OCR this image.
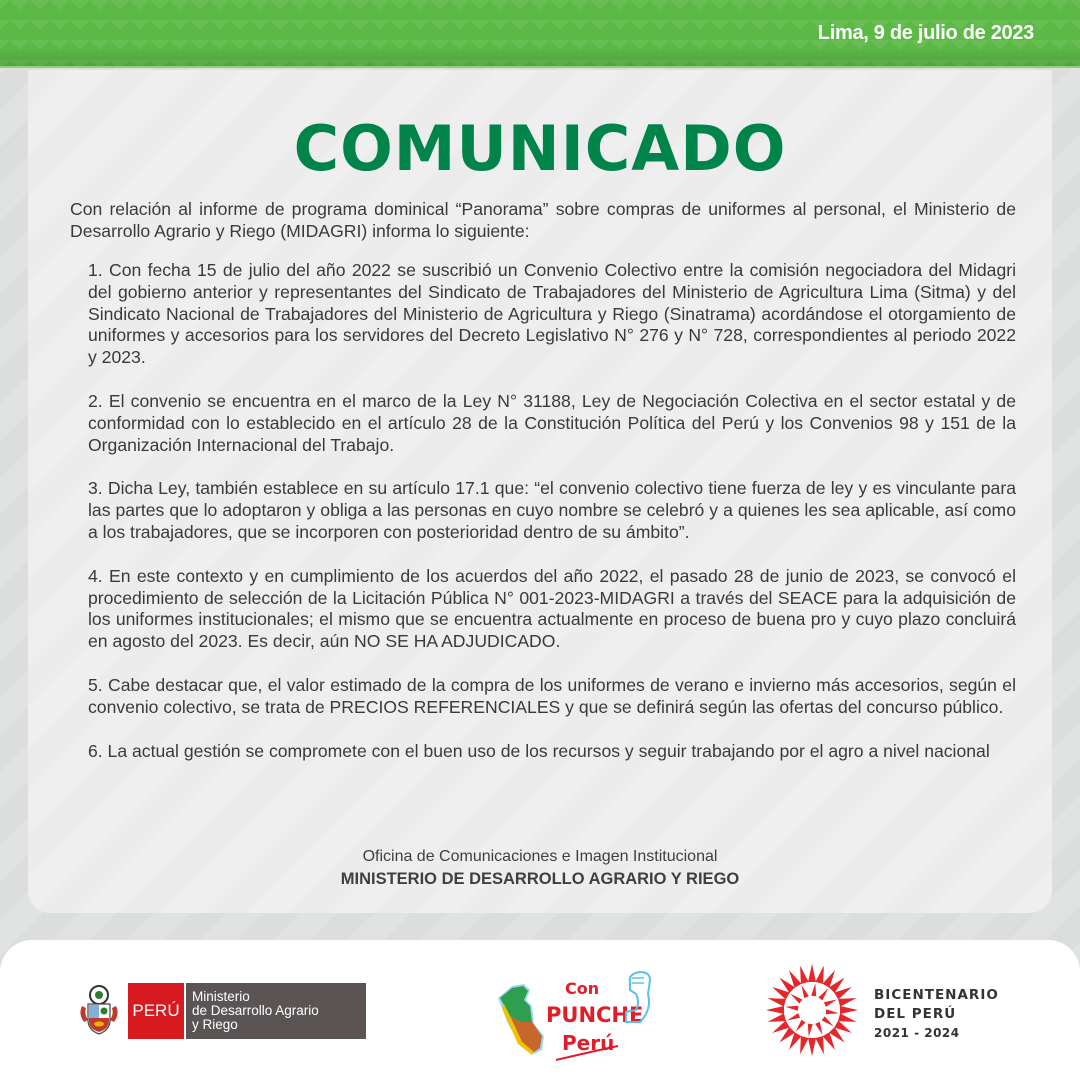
Lima, 9 de julio de 2023
COMUNICADO

Con relación al informe de programa dominical “Panorama” sobre compras de uniformes al personal, el Ministerio de Desarrollo Agrario y Riego (MIDAGRI) informa lo siguiente:

1. Con fecha 15 de julio del año 2022 se suscribió un Convenio Colectivo entre la comisión negociadora del Midagri del gobierno anterior y representantes del Sindicato de Trabajadores del Ministerio de Agricultura Lima (Sitma) y del Sindicato Nacional de Trabajadores del Ministerio de Agricultura y Riego (Sinatrama) acordándose el otorgamiento de uniformes y accesorios para los servidores del Decreto Legislativo N° 276 y N° 728, correspondientes al periodo 2022 y 2023.

2. El convenio se encuentra en el marco de la Ley N° 31188, Ley de Negociación Colectiva en el sector estatal y de conformidad con lo establecido en el artículo 28 de la Constitución Política del Perú y los Convenios 98 y 151 de la Organización Internacional del Trabajo.

3. Dicha Ley, también establece en su artículo 17.1 que: “el convenio colectivo tiene fuerza de ley y es vinculante para las partes que lo adoptaron y obliga a las personas en cuyo nombre se celebró y a quienes les sea aplicable, así como a los trabajadores, que se incorporen con posterioridad dentro de su ámbito”.

4. En este contexto y en cumplimiento de los acuerdos del año 2022, el pasado 28 de junio de 2023, se convocó el procedimiento de selección de la Licitación Pública N° 001-2023-MIDAGRI a través del SEACE para la adquisición de los uniformes institucionales; el mismo que se encuentra actualmente en proceso de buena pro y cuyo plazo concluirá en agosto del 2023. Es decir, aún NO SE HA ADJUDICADO.

5. Cabe destacar que, el valor estimado de la compra de los uniformes de verano e invierno más accesorios, según el convenio colectivo, se trata de PRECIOS REFERENCIALES y que se definirá según las ofertas del concurso público.

6. La actual gestión se compromete con el buen uso de los recursos y seguir trabajando por el agro a nivel nacional

Oficina de Comunicaciones e Imagen Institucional
MINISTERIO DE DESARROLLO AGRARIO Y RIEGO
PERÚ
Ministerio
de Desarrollo Agrario
y Riego
Con
PUNCHE
Perú
BICENTENARIO
DEL PERÚ
2021 - 2024
